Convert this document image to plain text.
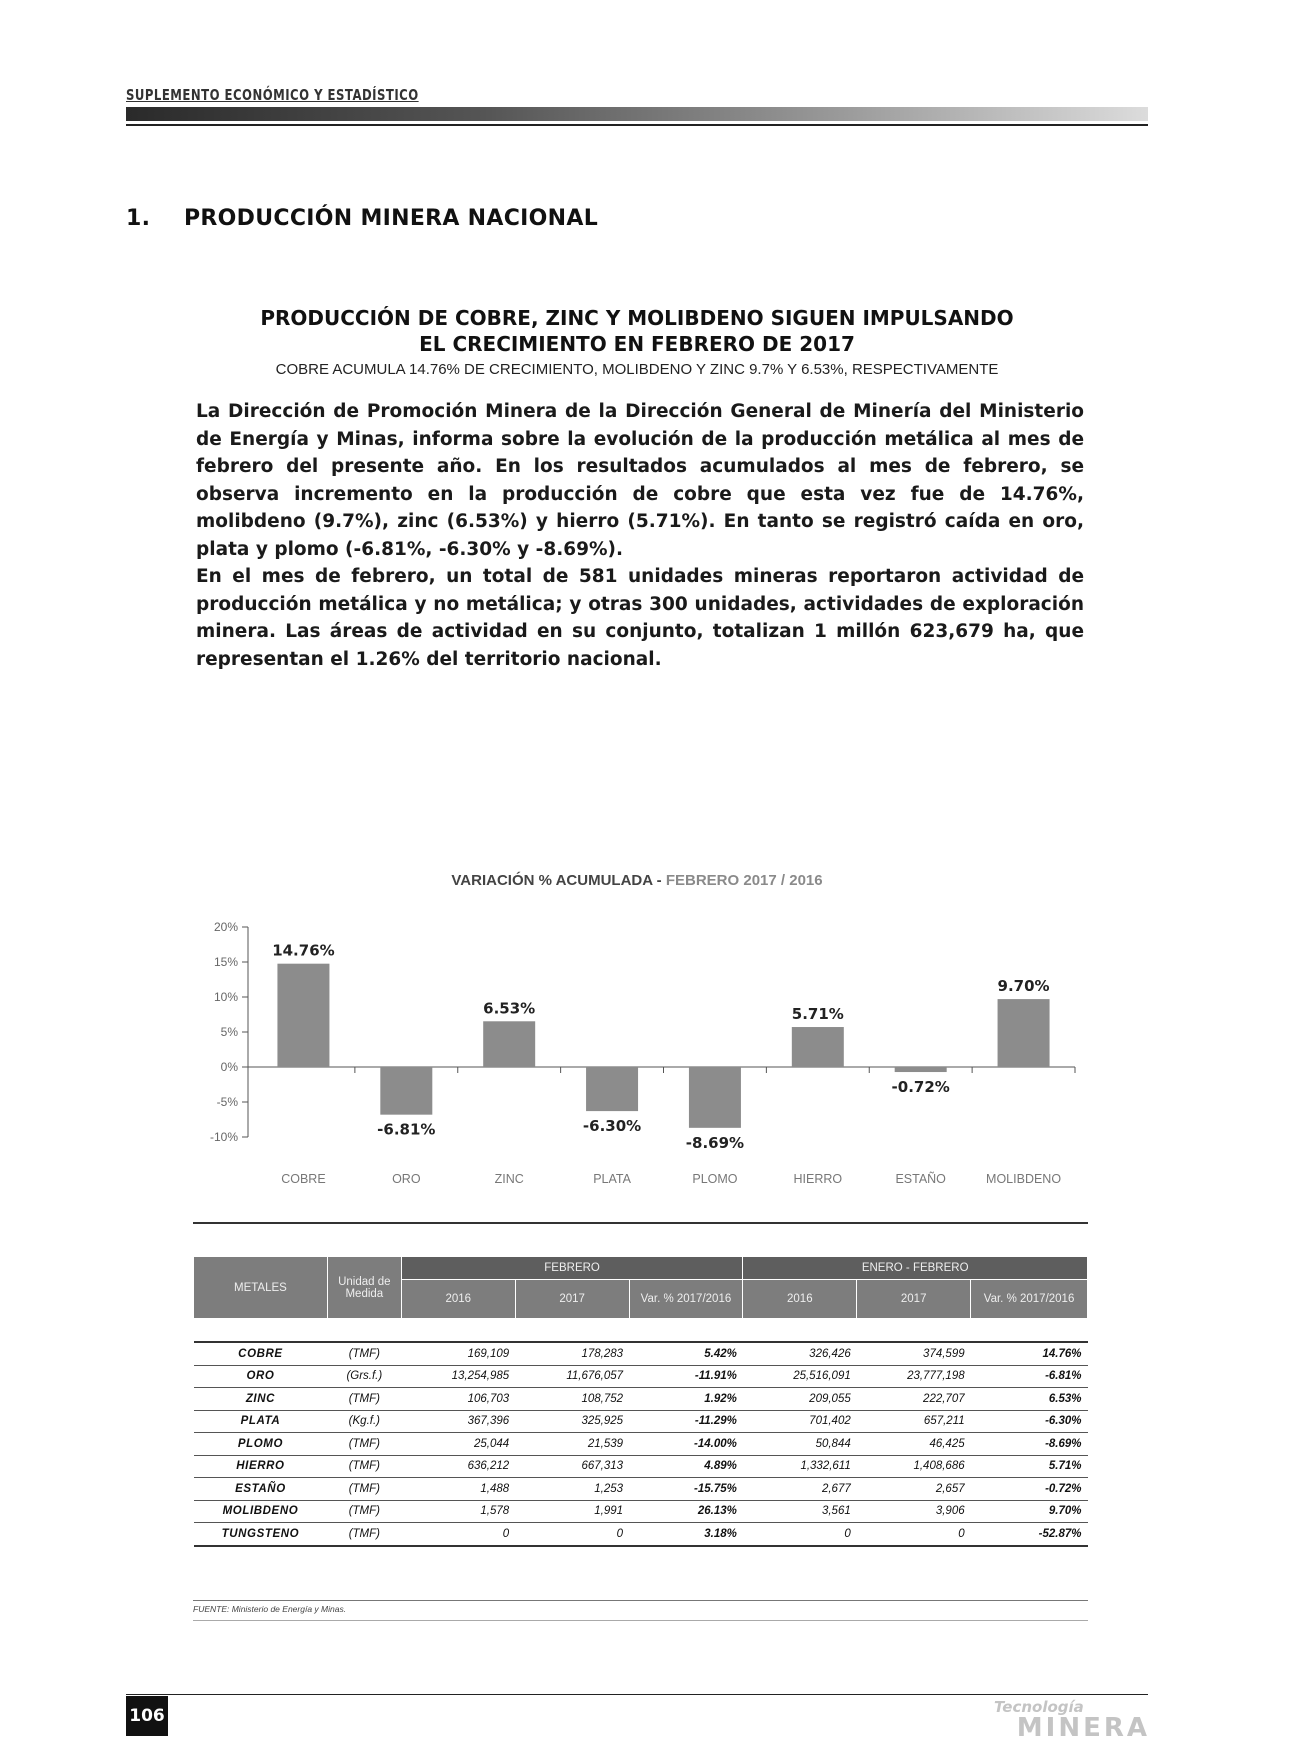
SUPLEMENTO ECONÓMICO Y ESTADÍSTICO
1. PRODUCCIÓN MINERA NACIONAL
PRODUCCIÓN DE COBRE, ZINC Y MOLIBDENO SIGUEN IMPULSANDO
EL CRECIMIENTO EN FEBRERO DE 2017
COBRE ACUMULA 14.76% DE CRECIMIENTO, MOLIBDENO Y ZINC 9.7% Y 6.53%, RESPECTIVAMENTE

La Dirección de Promoción Minera de la Dirección General de Minería del Ministerio de Energía y Minas, informa sobre la evolución de la producción metálica al mes de febrero del presente año. En los resultados acumulados al mes de febrero, se observa incremento en la producción de cobre que esta vez fue de 14.76%, molibdeno (9.7%), zinc (6.53%) y hierro (5.71%). En tanto se registró caída en oro, plata y plomo (-6.81%, -6.30% y -8.69%).

En el mes de febrero, un total de 581 unidades mineras reportaron actividad de producción metálica y no metálica; y otras 300 unidades, actividades de exploración minera. Las áreas de actividad en su conjunto, totalizan 1 millón 623,679 ha, que representan el 1.26% del territorio nacional.

VARIACIÓN % ACUMULADA - FEBRERO 2017 / 2016
20%
15%
10%
5%
0%
-5%
-10%
14.76%
COBRE
-6.81%
ORO
6.53%
ZINC
-6.30%
PLATA
-8.69%
PLOMO
5.71%
HIERRO
-0.72%
ESTAÑO
9.70%
MOLIBDENO
METALES	Unidad de Medida	FEBRERO			ENERO - FEBRERO		
		2016	2017	Var. % 2017/2016	2016	2017	Var. % 2017/2016

COBRE	(TMF)	169,109	178,283	5.42%	326,426	374,599	14.76%
ORO	(Grs.f.)	13,254,985	11,676,057	-11.91%	25,516,091	23,777,198	-6.81%
ZINC	(TMF)	106,703	108,752	1.92%	209,055	222,707	6.53%
PLATA	(Kg.f.)	367,396	325,925	-11.29%	701,402	657,211	-6.30%
PLOMO	(TMF)	25,044	21,539	-14.00%	50,844	46,425	-8.69%
HIERRO	(TMF)	636,212	667,313	4.89%	1,332,611	1,408,686	5.71%
ESTAÑO	(TMF)	1,488	1,253	-15.75%	2,677	2,657	-0.72%
MOLIBDENO	(TMF)	1,578	1,991	26.13%	3,561	3,906	9.70%
TUNGSTENO	(TMF)	0	0	3.18%	0	0	-52.87%
FUENTE: Ministerio de Energía y Minas.
106	Tecnología
MINERA
